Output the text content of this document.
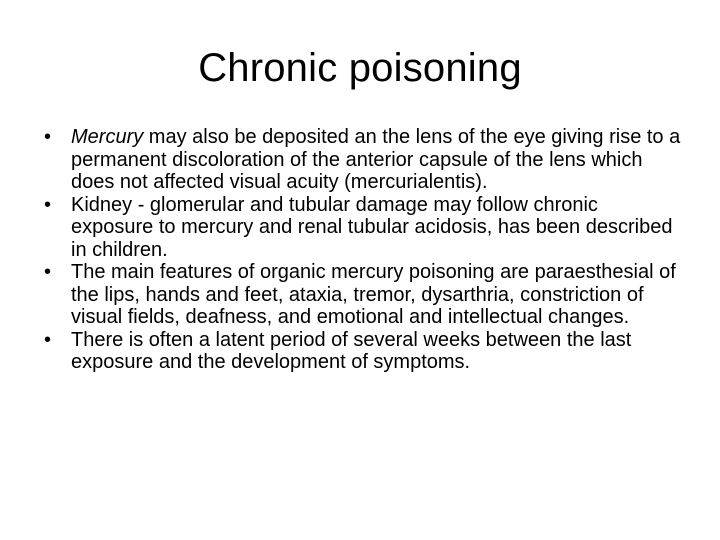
Chronic poisoning
• Mercury may also be deposited an the lens of the eye giving rise to a permanent discoloration of the anterior capsule of the lens which does not affected visual acuity (mercurialentis).
• Kidney - glomerular and tubular damage may follow chronic exposure to mercury and renal tubular acidosis, has been described in children.
• The main features of organic mercury poisoning are paraesthesial of the lips, hands and feet, ataxia, tremor, dysarthria, constriction of visual fields, deafness, and emotional and intellectual changes.
• There is often a latent period of several weeks between the last exposure and the development of symptoms.
